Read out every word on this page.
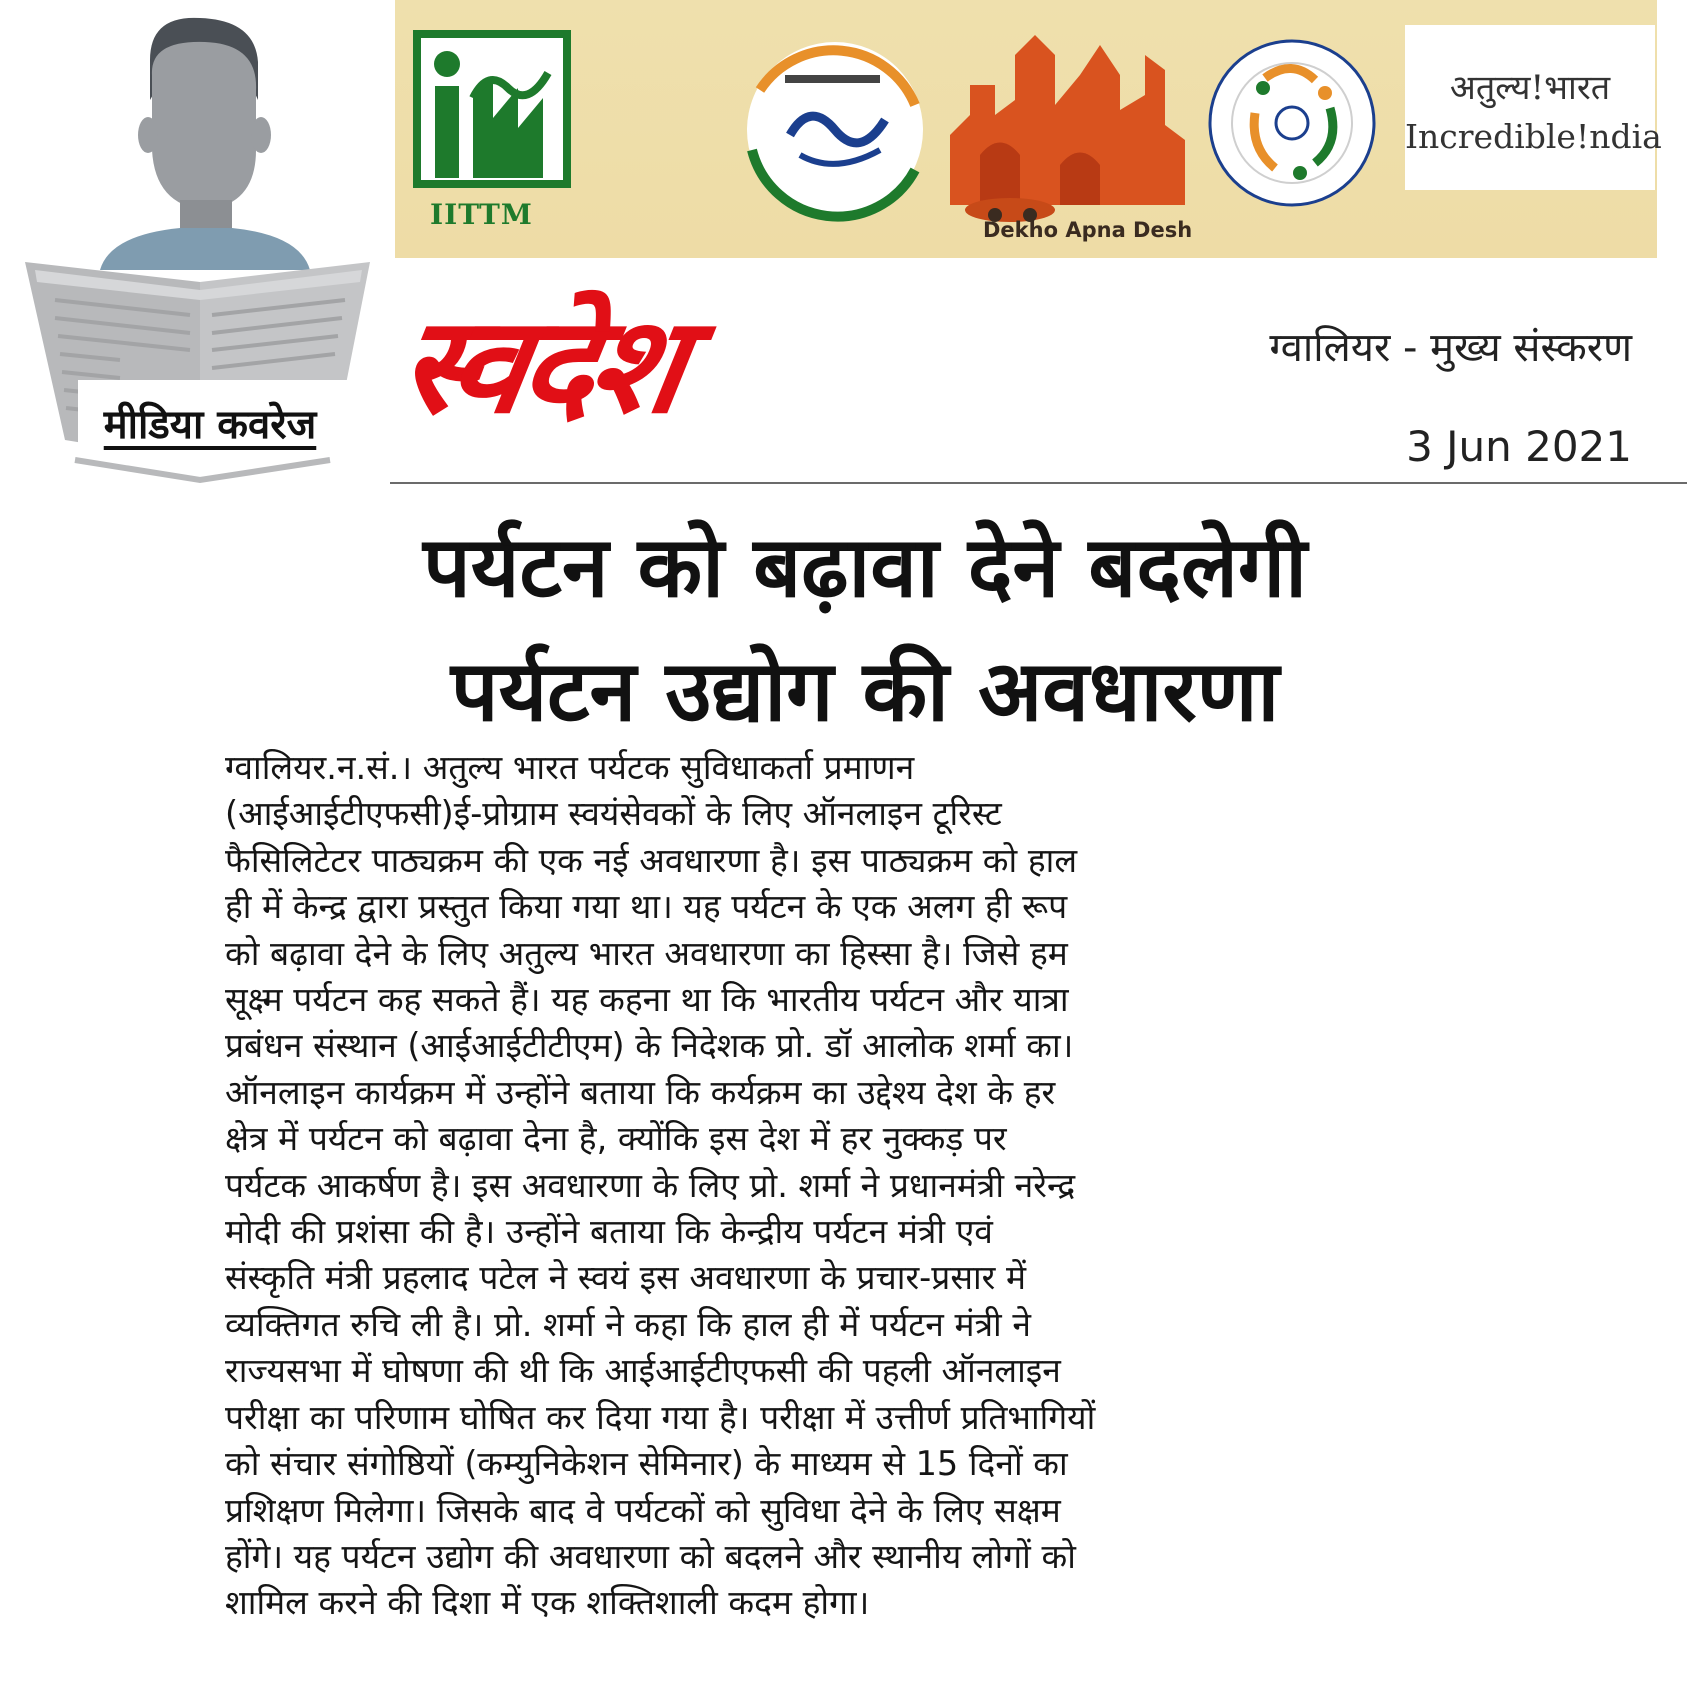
मीडिया कवरेज
IITTM	Dekho Apna Desh
अतुल्य!भारत
Incredible!ndia
स्वदेश	ग्वालियर - मुख्य संस्करण
3 Jun 2021
पर्यटन को बढ़ावा देने बदलेगी
पर्यटन उद्योग की अवधारणा
ग्वालियर.न.सं.। अतुल्य भारत पर्यटक सुविधाकर्ता प्रमाणन
(आईआईटीएफसी)ई-प्रोग्राम स्वयंसेवकों के लिए ऑनलाइन टूरिस्ट
फैसिलिटेटर पाठ्यक्रम की एक नई अवधारणा है। इस पाठ्यक्रम को हाल
ही में केन्द्र द्वारा प्रस्तुत किया गया था। यह पर्यटन के एक अलग ही रूप
को बढ़ावा देने के लिए अतुल्य भारत अवधारणा का हिस्सा है। जिसे हम
सूक्ष्म पर्यटन कह सकते हैं। यह कहना था कि भारतीय पर्यटन और यात्रा
प्रबंधन संस्थान (आईआईटीटीएम) के निदेशक प्रो. डॉ आलोक शर्मा का।
ऑनलाइन कार्यक्रम में उन्होंने बताया कि कर्यक्रम का उद्देश्य देश के हर
क्षेत्र में पर्यटन को बढ़ावा देना है, क्योंकि इस देश में हर नुक्कड़ पर
पर्यटक आकर्षण है। इस अवधारणा के लिए प्रो. शर्मा ने प्रधानमंत्री नरेन्द्र
मोदी की प्रशंसा की है। उन्होंने बताया कि केन्द्रीय पर्यटन मंत्री एवं
संस्कृति मंत्री प्रहलाद पटेल ने स्वयं इस अवधारणा के प्रचार-प्रसार में
व्यक्तिगत रुचि ली है। प्रो. शर्मा ने कहा कि हाल ही में पर्यटन मंत्री ने
राज्यसभा में घोषणा की थी कि आईआईटीएफसी की पहली ऑनलाइन
परीक्षा का परिणाम घोषित कर दिया गया है। परीक्षा में उत्तीर्ण प्रतिभागियों
को संचार संगोष्ठियों (कम्युनिकेशन सेमिनार) के माध्यम से 15 दिनों का
प्रशिक्षण मिलेगा। जिसके बाद वे पर्यटकों को सुविधा देने के लिए सक्षम
होंगे। यह पर्यटन उद्योग की अवधारणा को बदलने और स्थानीय लोगों को
शामिल करने की दिशा में एक शक्तिशाली कदम होगा।
